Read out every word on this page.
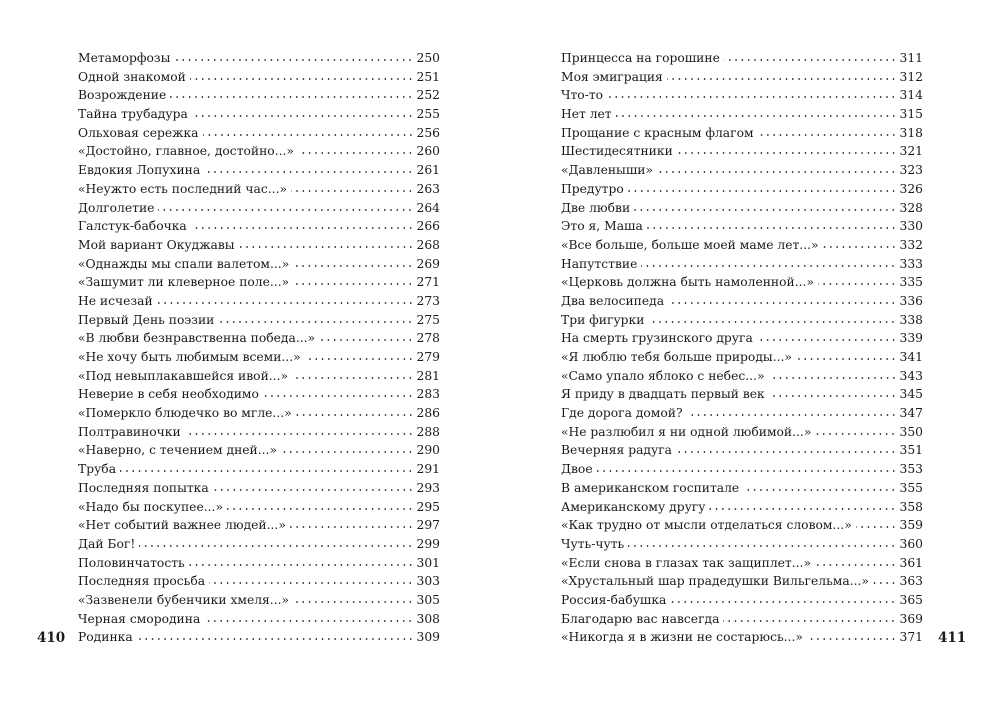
Метаморфозы	250
Одной знакомой	251
Возрождение	252
Тайна трубадура	255
Ольховая сережка	256
«Достойно, главное, достойно...»	260
Евдокия Лопухина	261
«Неужто есть последний час...»	263
Долголетие	264
Галстук-бабочка	266
Мой вариант Окуджавы	268
«Однажды мы спали валетом...»	269
«Зашумит ли клеверное поле...»	271
Не исчезай	273
Первый День поэзии	275
«В любви безнравственна победа...»	278
«Не хочу быть любимым всеми...»	279
«Под невыплакавшейся ивой...»	281
Неверие в себя необходимо	283
«Померкло блюдечко во мгле...»	286
Полтравиночки	288
«Наверно, с течением дней...»	290
Труба	291
Последняя попытка	293
«Надо бы поскупее...»	295
«Нет событий важнее людей...»	297
Дай Бог!	299
Половинчатость	301
Последняя просьба	303
«Зазвенели бубенчики хмеля...»	305
Черная смородина	308
Родинка	309
Принцесса на горошине	311
Моя эмиграция	312
Что-то	314
Нет лет	315
Прощание с красным флагом	318
Шестидесятники	321
«Давленыши»	323
Предутро	326
Две любви	328
Это я, Маша	330
«Все больше, больше моей маме лет...»	332
Напутствие	333
«Церковь должна быть намоленной...»	335
Два велосипеда	336
Три фигурки	338
На смерть грузинского друга	339
«Я люблю тебя больше природы...»	341
«Само упало яблоко с небес...»	343
Я приду в двадцать первый век	345
Где дорога домой?	347
«Не разлюбил я ни одной любимой...»	350
Вечерняя радуга	351
Двое	353
В американском госпитале	355
Американскому другу	358
«Как трудно от мысли отделаться словом...»	359
Чуть-чуть	360
«Если снова в глазах так защиплет...»	361
«Хрустальный шар прадедушки Вильгельма...»	363
Россия-бабушка	365
Благодарю вас навсегда	369
«Никогда я в жизни не состарюсь...»	371
410	411
